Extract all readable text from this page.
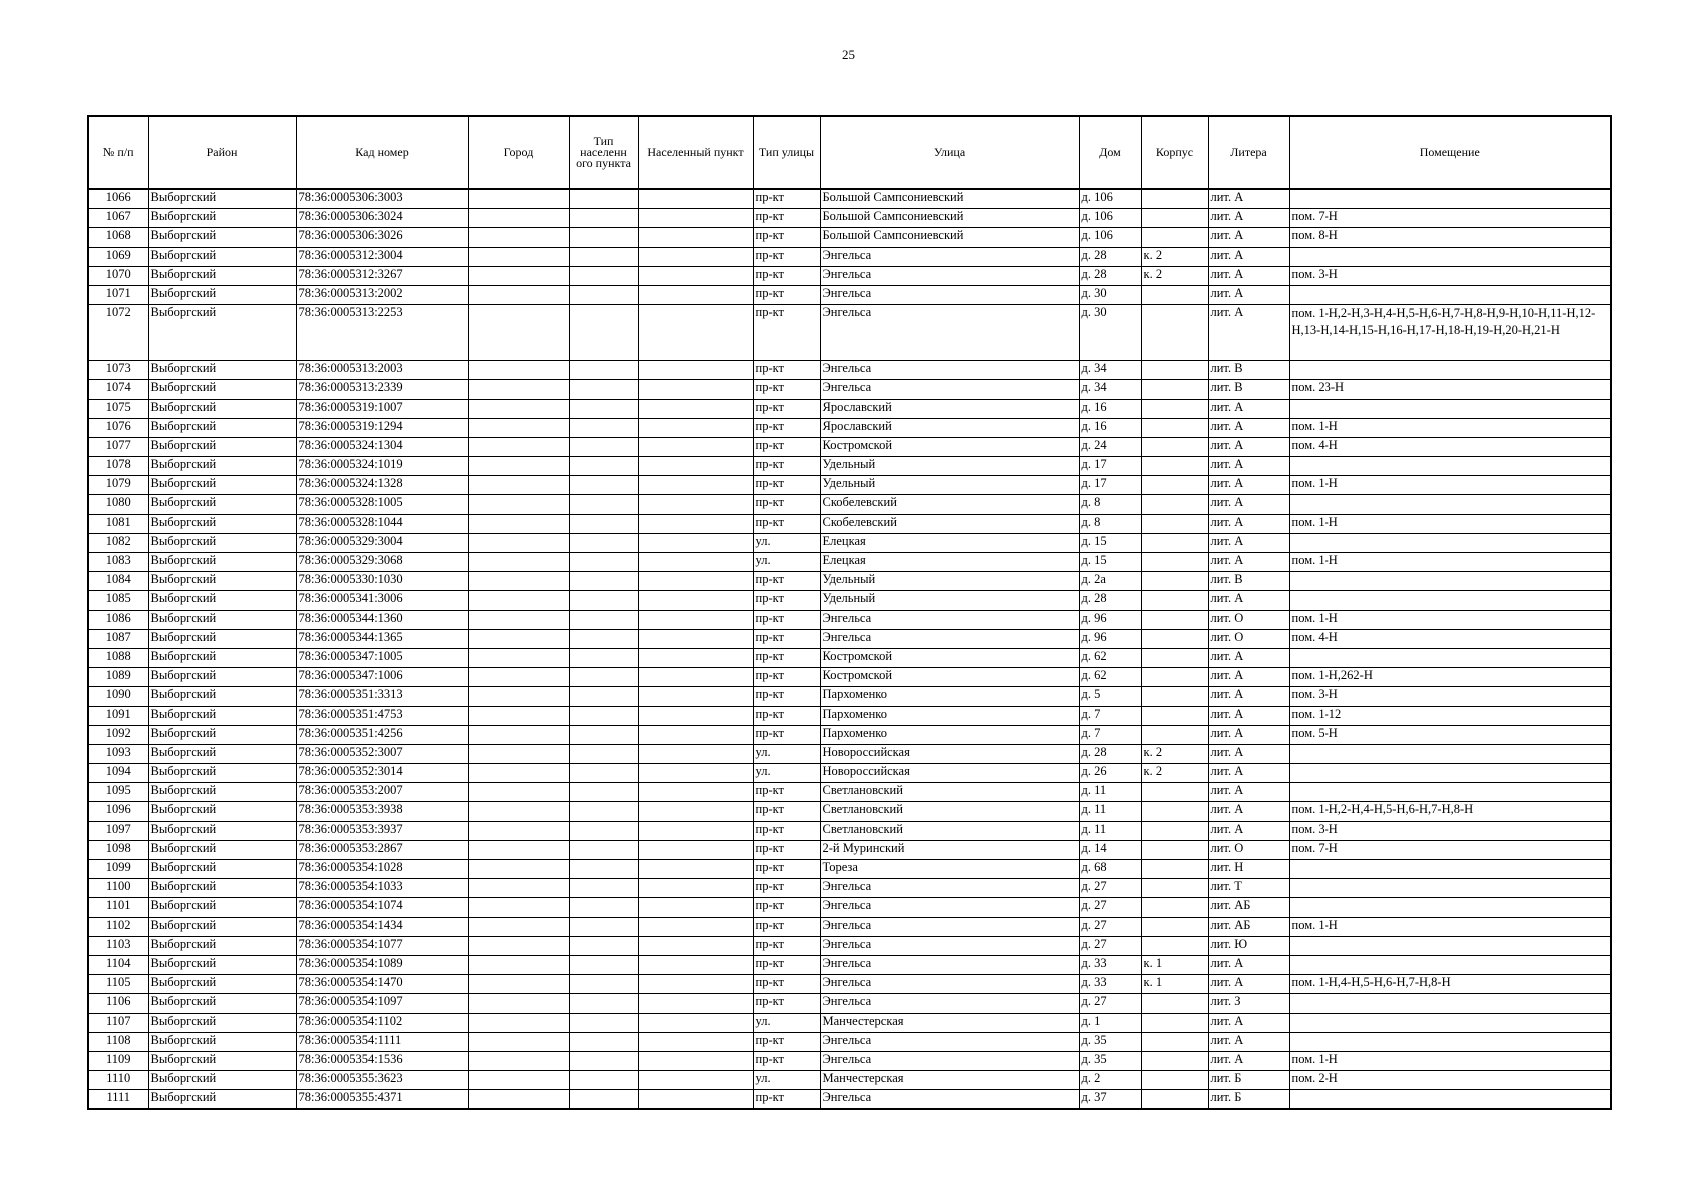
25
№ п/п	Район	Кад номер	Город	Тип населенн ого пункта	Населенный пункт	Тип улицы	Улица	Дом	Корпус	Литера	Помещение
1066	Выборгский	78:36:0005306:3003				пр-кт	Большой Сампсониевский	д. 106		лит. А	
1067	Выборгский	78:36:0005306:3024				пр-кт	Большой Сампсониевский	д. 106		лит. А	пом. 7-Н
1068	Выборгский	78:36:0005306:3026				пр-кт	Большой Сампсониевский	д. 106		лит. А	пом. 8-Н
1069	Выборгский	78:36:0005312:3004				пр-кт	Энгельса	д. 28	к. 2	лит. А	
1070	Выборгский	78:36:0005312:3267				пр-кт	Энгельса	д. 28	к. 2	лит. А	пом. 3-Н
1071	Выборгский	78:36:0005313:2002				пр-кт	Энгельса	д. 30		лит. А	
1072	Выборгский	78:36:0005313:2253				пр-кт	Энгельса	д. 30		лит. А	пом. 1-Н,2-Н,3-Н,4-Н,5-Н,6-Н,7-Н,8-Н,9-Н,10-Н,11-Н,12-Н,13-Н,14-Н,15-Н,16-Н,17-Н,18-Н,19-Н,20-Н,21-Н
1073	Выборгский	78:36:0005313:2003				пр-кт	Энгельса	д. 34		лит. В	
1074	Выборгский	78:36:0005313:2339				пр-кт	Энгельса	д. 34		лит. В	пом. 23-Н
1075	Выборгский	78:36:0005319:1007				пр-кт	Ярославский	д. 16		лит. А	
1076	Выборгский	78:36:0005319:1294				пр-кт	Ярославский	д. 16		лит. А	пом. 1-Н
1077	Выборгский	78:36:0005324:1304				пр-кт	Костромской	д. 24		лит. А	пом. 4-Н
1078	Выборгский	78:36:0005324:1019				пр-кт	Удельный	д. 17		лит. А	
1079	Выборгский	78:36:0005324:1328				пр-кт	Удельный	д. 17		лит. А	пом. 1-Н
1080	Выборгский	78:36:0005328:1005				пр-кт	Скобелевский	д. 8		лит. А	
1081	Выборгский	78:36:0005328:1044				пр-кт	Скобелевский	д. 8		лит. А	пом. 1-Н
1082	Выборгский	78:36:0005329:3004				ул.	Елецкая	д. 15		лит. А	
1083	Выборгский	78:36:0005329:3068				ул.	Елецкая	д. 15		лит. А	пом. 1-Н
1084	Выборгский	78:36:0005330:1030				пр-кт	Удельный	д. 2а		лит. В	
1085	Выборгский	78:36:0005341:3006				пр-кт	Удельный	д. 28		лит. А	
1086	Выборгский	78:36:0005344:1360				пр-кт	Энгельса	д. 96		лит. О	пом. 1-Н
1087	Выборгский	78:36:0005344:1365				пр-кт	Энгельса	д. 96		лит. О	пом. 4-Н
1088	Выборгский	78:36:0005347:1005				пр-кт	Костромской	д. 62		лит. А	
1089	Выборгский	78:36:0005347:1006				пр-кт	Костромской	д. 62		лит. А	пом. 1-Н,262-Н
1090	Выборгский	78:36:0005351:3313				пр-кт	Пархоменко	д. 5		лит. А	пом. 3-Н
1091	Выборгский	78:36:0005351:4753				пр-кт	Пархоменко	д. 7		лит. А	пом. 1-12
1092	Выборгский	78:36:0005351:4256				пр-кт	Пархоменко	д. 7		лит. А	пом. 5-Н
1093	Выборгский	78:36:0005352:3007				ул.	Новороссийская	д. 28	к. 2	лит. А	
1094	Выборгский	78:36:0005352:3014				ул.	Новороссийская	д. 26	к. 2	лит. А	
1095	Выборгский	78:36:0005353:2007				пр-кт	Светлановский	д. 11		лит. А	
1096	Выборгский	78:36:0005353:3938				пр-кт	Светлановский	д. 11		лит. А	пом. 1-Н,2-Н,4-Н,5-Н,6-Н,7-Н,8-Н
1097	Выборгский	78:36:0005353:3937				пр-кт	Светлановский	д. 11		лит. А	пом. 3-Н
1098	Выборгский	78:36:0005353:2867				пр-кт	2-й Муринский	д. 14		лит. О	пом. 7-Н
1099	Выборгский	78:36:0005354:1028				пр-кт	Тореза	д. 68		лит. Н	
1100	Выборгский	78:36:0005354:1033				пр-кт	Энгельса	д. 27		лит. Т	
1101	Выборгский	78:36:0005354:1074				пр-кт	Энгельса	д. 27		лит. АБ	
1102	Выборгский	78:36:0005354:1434				пр-кт	Энгельса	д. 27		лит. АБ	пом. 1-Н
1103	Выборгский	78:36:0005354:1077				пр-кт	Энгельса	д. 27		лит. Ю	
1104	Выборгский	78:36:0005354:1089				пр-кт	Энгельса	д. 33	к. 1	лит. А	
1105	Выборгский	78:36:0005354:1470				пр-кт	Энгельса	д. 33	к. 1	лит. А	пом. 1-Н,4-Н,5-Н,6-Н,7-Н,8-Н
1106	Выборгский	78:36:0005354:1097				пр-кт	Энгельса	д. 27		лит. З	
1107	Выборгский	78:36:0005354:1102				ул.	Манчестерская	д. 1		лит. А	
1108	Выборгский	78:36:0005354:1111				пр-кт	Энгельса	д. 35		лит. А	
1109	Выборгский	78:36:0005354:1536				пр-кт	Энгельса	д. 35		лит. А	пом. 1-Н
1110	Выборгский	78:36:0005355:3623				ул.	Манчестерская	д. 2		лит. Б	пом. 2-Н
1111	Выборгский	78:36:0005355:4371				пр-кт	Энгельса	д. 37		лит. Б	
